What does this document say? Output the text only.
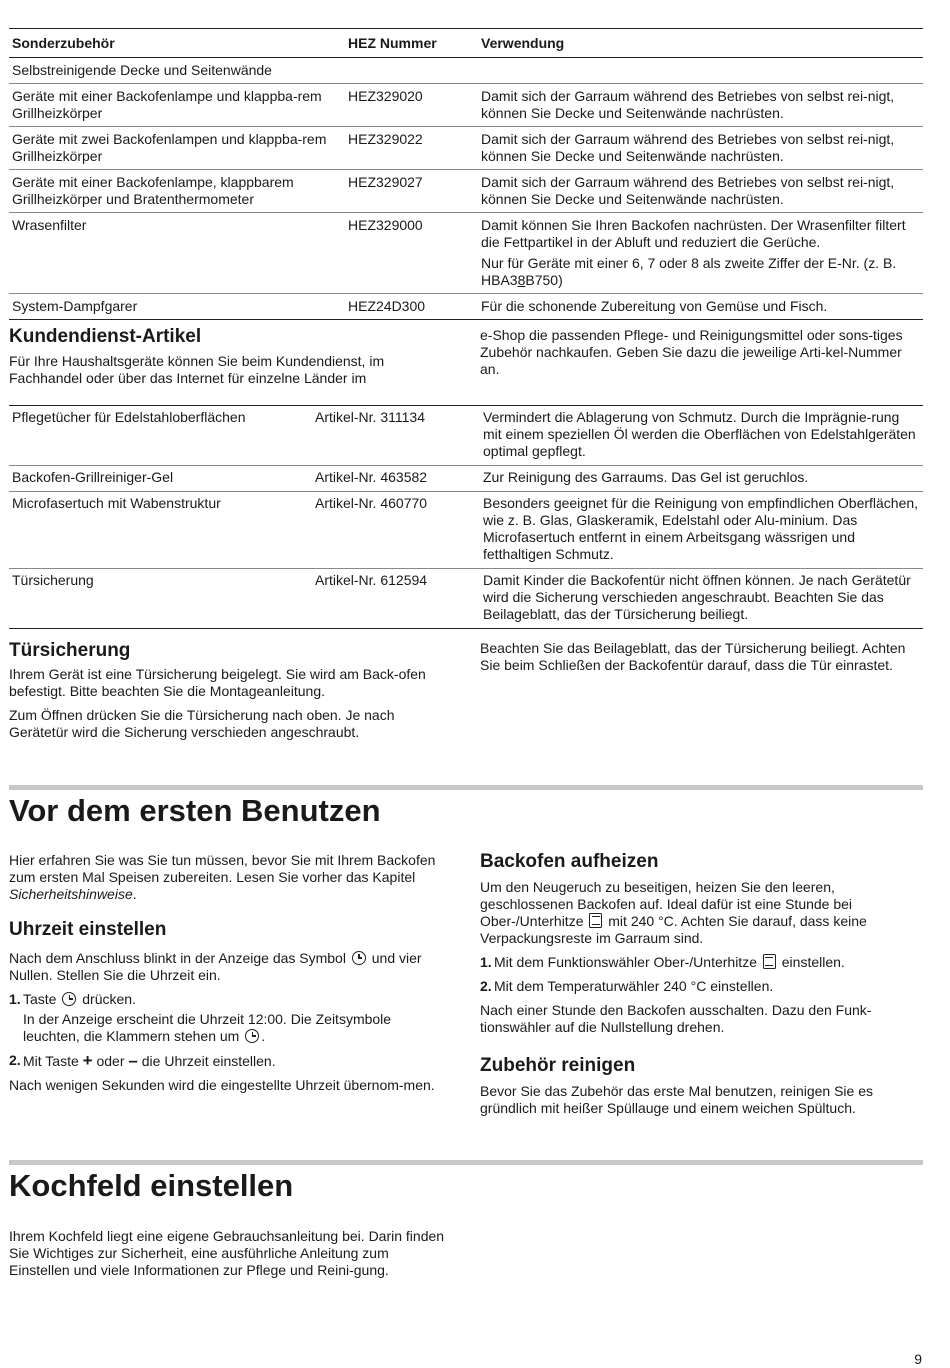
Sonderzubehör	HEZ Nummer	Verwendung
Selbstreinigende Decke und Seitenwände		
Geräte mit einer Backofenlampe und klappba-rem Grillheizkörper	HEZ329020	Damit sich der Garraum während des Betriebes von selbst rei-nigt, können Sie Decke und Seitenwände nachrüsten.
Geräte mit zwei Backofenlampen und klappba-rem Grillheizkörper	HEZ329022	Damit sich der Garraum während des Betriebes von selbst rei-nigt, können Sie Decke und Seitenwände nachrüsten.
Geräte mit einer Backofenlampe, klappbarem Grillheizkörper und Bratenthermometer	HEZ329027	Damit sich der Garraum während des Betriebes von selbst rei-nigt, können Sie Decke und Seitenwände nachrüsten.
Wrasenfilter	HEZ329000	Damit können Sie Ihren Backofen nachrüsten. Der Wrasenfilter filtert die Fettpartikel in der Abluft und reduziert die Gerüche.
		Nur für Geräte mit einer 6, 7 oder 8 als zweite Ziffer der E-Nr. (z. B. HBA38B750)
System-Dampfgarer	HEZ24D300	Für die schonende Zubereitung von Gemüse und Fisch.
Kundendienst-Artikel

Für Ihre Haushaltsgeräte können Sie beim Kundendienst, im Fachhandel oder über das Internet für einzelne Länder im

e-Shop die passenden Pflege- und Reinigungsmittel oder sons-tiges Zubehör nachkaufen. Geben Sie dazu die jeweilige Arti-kel-Nummer an.

Pflegetücher für Edelstahloberflächen	Artikel-Nr. 311134	Vermindert die Ablagerung von Schmutz. Durch die Imprägnie-rung mit einem speziellen Öl werden die Oberflächen von Edelstahlgeräten optimal gepflegt.
Backofen-Grillreiniger-Gel	Artikel-Nr. 463582	Zur Reinigung des Garraums. Das Gel ist geruchlos.
Microfasertuch mit Wabenstruktur	Artikel-Nr. 460770	Besonders geeignet für die Reinigung von empfindlichen Oberflächen, wie z. B. Glas, Glaskeramik, Edelstahl oder Alu-minium. Das Microfasertuch entfernt in einem Arbeitsgang wässrigen und fetthaltigen Schmutz.
Türsicherung	Artikel-Nr. 612594	Damit Kinder die Backofentür nicht öffnen können. Je nach Gerätetür wird die Sicherung verschieden angeschraubt. Beachten Sie das Beilageblatt, das der Türsicherung beiliegt.
Türsicherung

Ihrem Gerät ist eine Türsicherung beigelegt. Sie wird am Back-ofen befestigt. Bitte beachten Sie die Montageanleitung.

Zum Öffnen drücken Sie die Türsicherung nach oben. Je nach Gerätetür wird die Sicherung verschieden angeschraubt.

Beachten Sie das Beilageblatt, das der Türsicherung beiliegt. Achten Sie beim Schließen der Backofentür darauf, dass die Tür einrastet.

Vor dem ersten Benutzen

Hier erfahren Sie was Sie tun müssen, bevor Sie mit Ihrem Backofen zum ersten Mal Speisen zubereiten. Lesen Sie vorher das Kapitel Sicherheitshinweise.

Uhrzeit einstellen

Nach dem Anschluss blinkt in der Anzeige das Symbol  und vier Nullen. Stellen Sie die Uhrzeit ein.

1. Taste  drücken.

In der Anzeige erscheint die Uhrzeit 12:00. Die Zeitsymbole leuchten, die Klammern stehen um .

2. Mit Taste + oder – die Uhrzeit einstellen.

Nach wenigen Sekunden wird die eingestellte Uhrzeit übernom-men.

Backofen aufheizen

Um den Neugeruch zu beseitigen, heizen Sie den leeren, geschlossenen Backofen auf. Ideal dafür ist eine Stunde bei Ober-/Unterhitze  mit 240 °C. Achten Sie darauf, dass keine Verpackungsreste im Garraum sind.

1. Mit dem Funktionswähler Ober-/Unterhitze  einstellen.

2. Mit dem Temperaturwähler 240 °C einstellen.

Nach einer Stunde den Backofen ausschalten. Dazu den Funk-tionswähler auf die Nullstellung drehen.

Zubehör reinigen

Bevor Sie das Zubehör das erste Mal benutzen, reinigen Sie es gründlich mit heißer Spüllauge und einem weichen Spültuch.

Kochfeld einstellen

Ihrem Kochfeld liegt eine eigene Gebrauchsanleitung bei. Darin finden Sie Wichtiges zur Sicherheit, eine ausführliche Anleitung zum Einstellen und viele Informationen zur Pflege und Reini-gung.

9
